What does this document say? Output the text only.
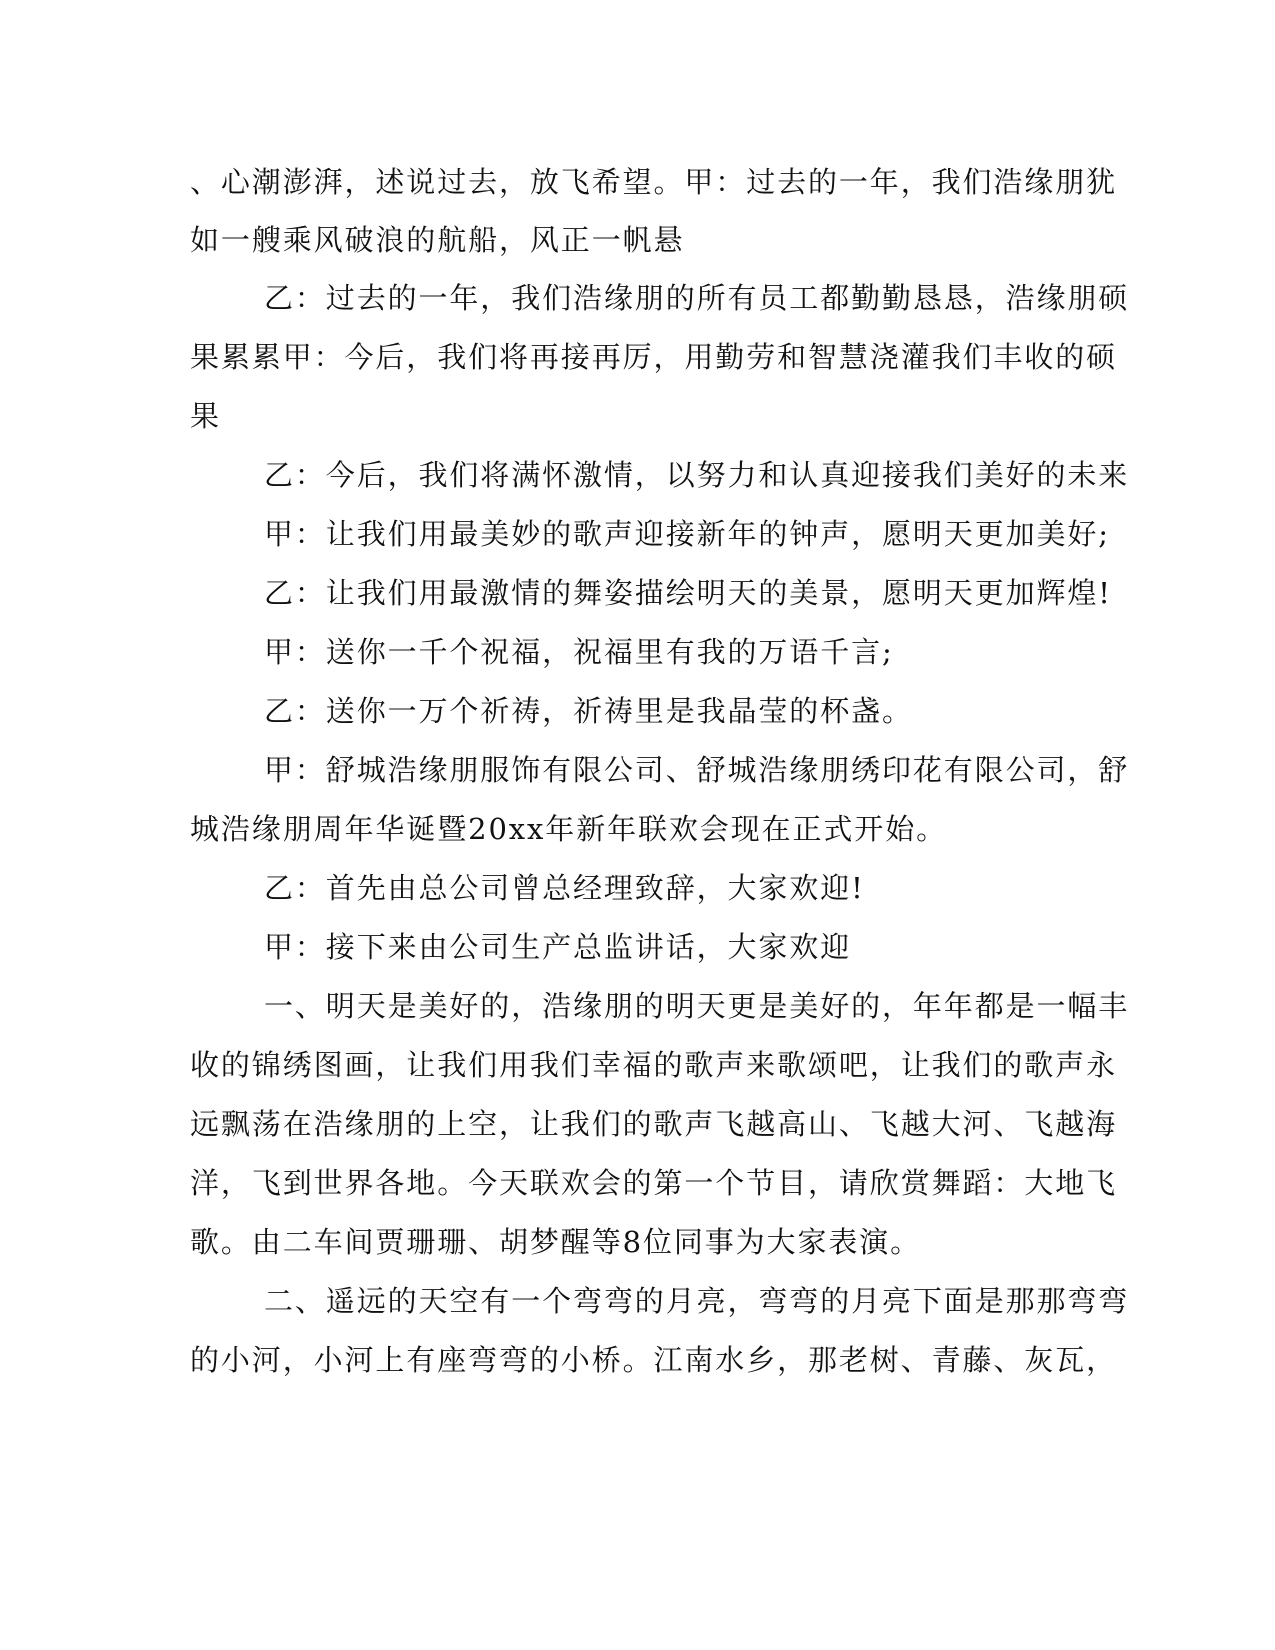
、心潮澎湃，述说过去，放飞希望。甲：过去的一年，我们浩缘朋犹
如一艘乘风破浪的航船，风正一帆悬
乙：过去的一年，我们浩缘朋的所有员工都勤勤恳恳，浩缘朋硕
果累累甲：今后，我们将再接再厉，用勤劳和智慧浇灌我们丰收的硕
果
乙：今后，我们将满怀激情，以努力和认真迎接我们美好的未来
甲：让我们用最美妙的歌声迎接新年的钟声，愿明天更加美好;
乙：让我们用最激情的舞姿描绘明天的美景，愿明天更加辉煌!
甲：送你一千个祝福，祝福里有我的万语千言;
乙：送你一万个祈祷，祈祷里是我晶莹的杯盏。
甲：舒城浩缘朋服饰有限公司、舒城浩缘朋绣印花有限公司，舒
城浩缘朋周年华诞暨20xx年新年联欢会现在正式开始。
乙：首先由总公司曾总经理致辞，大家欢迎!
甲：接下来由公司生产总监讲话，大家欢迎
一、明天是美好的，浩缘朋的明天更是美好的，年年都是一幅丰
收的锦绣图画，让我们用我们幸福的歌声来歌颂吧，让我们的歌声永
远飘荡在浩缘朋的上空，让我们的歌声飞越高山、飞越大河、飞越海
洋，飞到世界各地。今天联欢会的第一个节目，请欣赏舞蹈：大地飞
歌。由二车间贾珊珊、胡梦醒等8位同事为大家表演。
二、遥远的天空有一个弯弯的月亮，弯弯的月亮下面是那那弯弯
的小河，小河上有座弯弯的小桥。江南水乡，那老树、青藤、灰瓦，
